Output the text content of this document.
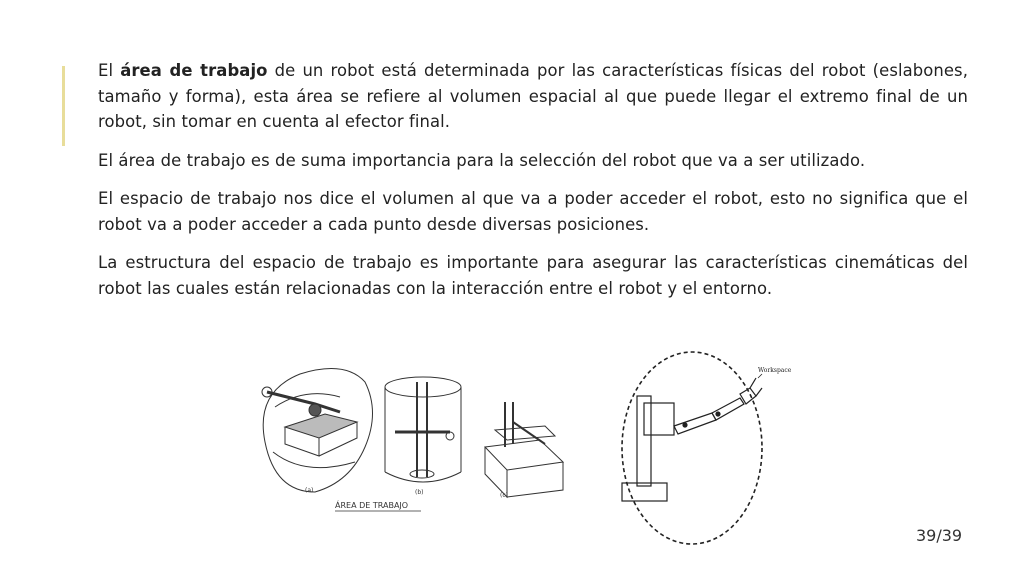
El área de trabajo de un robot está determinada por las características físicas del robot (eslabones, tamaño y forma), esta área se refiere al volumen espacial al que puede llegar el extremo final de un robot, sin tomar en cuenta al efector final.

El área de trabajo es de suma importancia para la selección del robot que va a ser utilizado.

El espacio de trabajo nos dice el volumen al que va a poder acceder el robot, esto no significa que el robot va a poder acceder a cada punto desde diversas posiciones.

La estructura del espacio de trabajo es importante para asegurar las características cinemáticas del robot las cuales están relacionadas con la interacción entre el robot y el entorno.

(a)	(b)	(c)
ÁREA DE TRABAJO
Workspace
39/39
